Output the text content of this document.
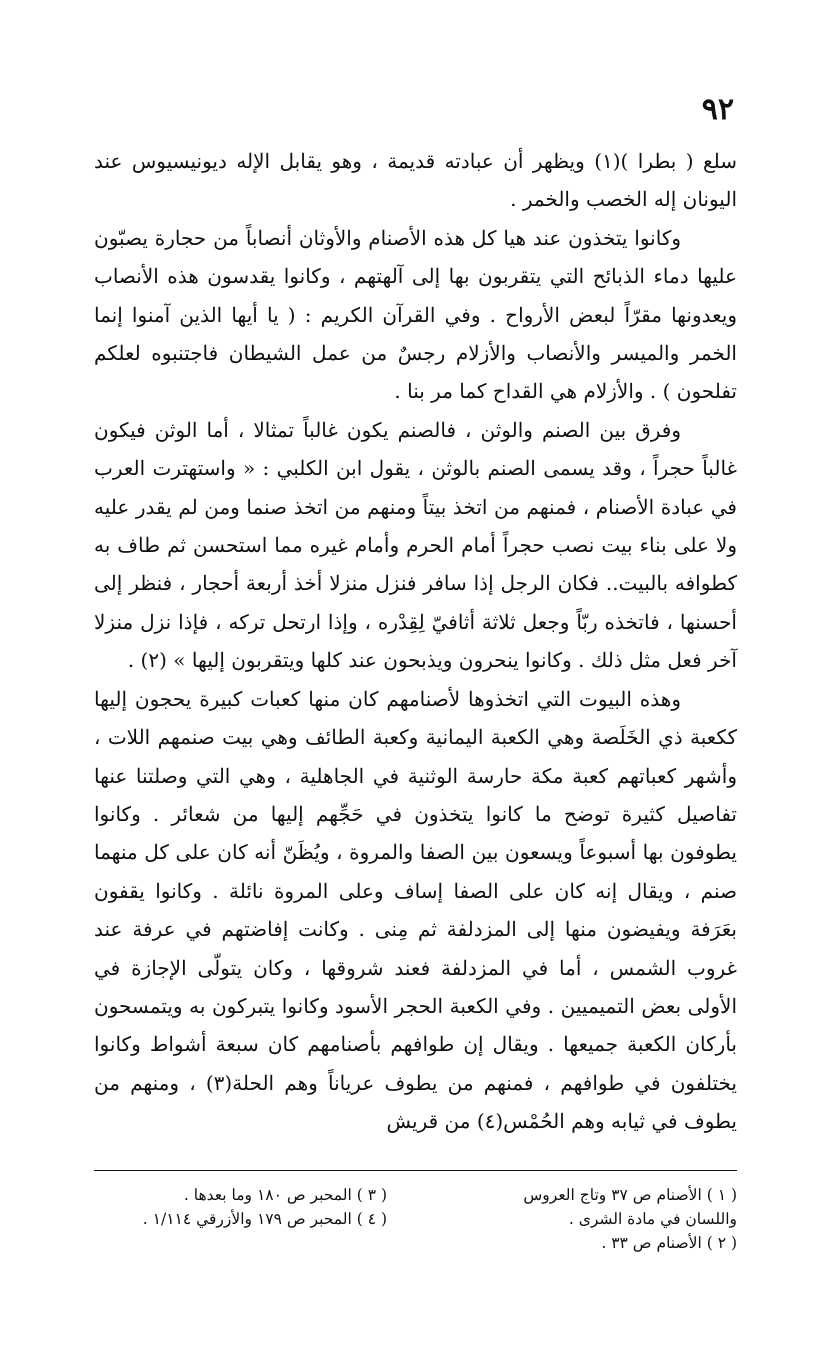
٩٢

سلع ( بطرا )(١) ويظهر أن عبادته قديمة ، وهو يقابل الإله ديونيسيوس عند اليونان إله الخصب والخمر .

وكانوا يتخذون عند هيا كل هذه الأصنام والأوثان أنصاباً من حجارة يصبّون عليها دماء الذبائح التي يتقربون بها إلى آلهتهم ، وكانوا يقدسون هذه الأنصاب ويعدونها مقرّاً لبعض الأرواح . وفي القرآن الكريم : ( يا أيها الذين آمنوا إنما الخمر والميسر والأنصاب والأزلام رجسٌ من عمل الشيطان فاجتنبوه لعلكم تفلحون ) . والأزلام هي القداح كما مر بنا .

وفرق بين الصنم والوثن ، فالصنم يكون غالباً تمثالا ، أما الوثن فيكون غالباً حجراً ، وقد يسمى الصنم بالوثن ، يقول ابن الكلبي : « واستهترت العرب في عبادة الأصنام ، فمنهم من اتخذ بيتاً ومنهم من اتخذ صنما ومن لم يقدر عليه ولا على بناء بيت نصب حجراً أمام الحرم وأمام غيره مما استحسن ثم طاف به كطوافه بالبيت.. فكان الرجل إذا سافر فنزل منزلا أخذ أربعة أحجار ، فنظر إلى أحسنها ، فاتخذه ربّاً وجعل ثلاثة أثافيّ لِقِدْره ، وإذا ارتحل تركه ، فإذا نزل منزلا آخر فعل مثل ذلك . وكانوا ينحرون ويذبحون عند كلها ويتقربون إليها » (٢) .

وهذه البيوت التي اتخذوها لأصنامهم كان منها كعبات كبيرة يحجون إليها ككعبة ذي الخَلَصة وهي الكعبة اليمانية وكعبة الطائف وهي بيت صنمهم اللات ، وأشهر كعباتهم كعبة مكة حارسة الوثنية في الجاهلية ، وهي التي وصلتنا عنها تفاصيل كثيرة توضح ما كانوا يتخذون في حَجِّهم إليها من شعائر . وكانوا يطوفون بها أسبوعاً ويسعون بين الصفا والمروة ، ويُظَنّ أنه كان على كل منهما صنم ، ويقال إنه كان على الصفا إساف وعلى المروة نائلة . وكانوا يقفون بعَرَفة ويفيضون منها إلى المزدلفة ثم مِنى . وكانت إفاضتهم في عرفة عند غروب الشمس ، أما في المزدلفة فعند شروقها ، وكان يتولّى الإجازة في الأولى بعض التميميين . وفي الكعبة الحجر الأسود وكانوا يتبركون به ويتمسحون بأركان الكعبة جميعها . ويقال إن طوافهم بأصنامهم كان سبعة أشواط وكانوا يختلفون في طوافهم ، فمنهم من يطوف عرياناً وهم الحلة(٣) ، ومنهم من يطوف في ثيابه وهم الحُمْس(٤) من قريش

( ١ ) الأصنام ص ٣٧ وتاج العروس

واللسان في مادة الشرى .

( ٢ ) الأصنام ص ٣٣ .

( ٣ ) المحبر ص ١٨٠ وما بعدها .

( ٤ ) المحبر ص ١٧٩ والأزرقي ١/١١٤ .
